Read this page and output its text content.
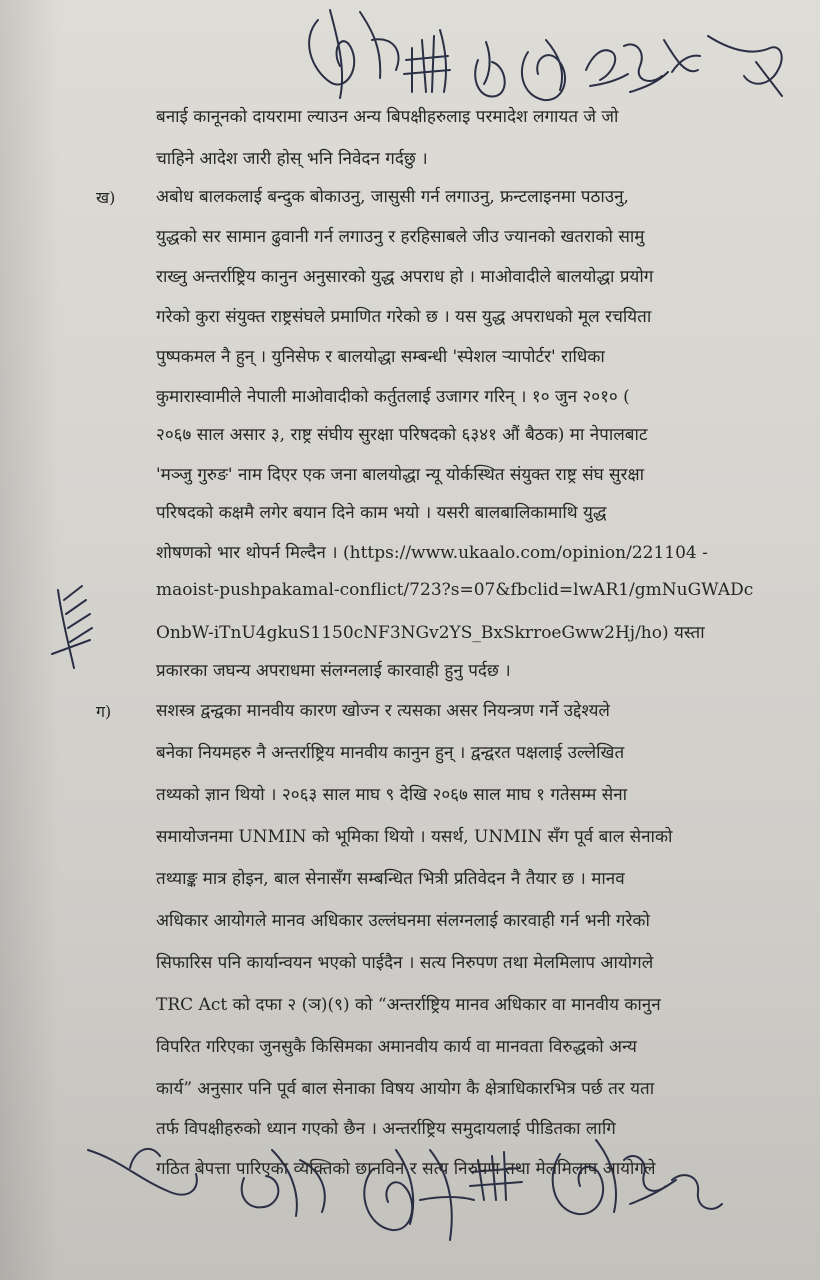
बनाई कानूनको दायरामा ल्याउन अन्य बिपक्षीहरुलाइ परमादेश लगायत जे जो
चाहिने आदेश जारी होस् भनि निवेदन गर्दछु ।
ख) अबोध बालकलाई बन्दुक बोकाउनु, जासुसी गर्न लगाउनु, फ्रन्टलाइनमा पठाउनु,
युद्धको सर सामान ढुवानी गर्न लगाउनु र हरहिसाबले जीउ ज्यानको खतराको सामु
राख्नु अन्तर्राष्ट्रिय कानुन अनुसारको युद्ध अपराध हो । माओवादीले बालयोद्धा प्रयोग
गरेको कुरा संयुक्त राष्ट्रसंघले प्रमाणित गरेको छ । यस युद्ध अपराधको मूल रचयिता
पुष्पकमल नै हुन् । युनिसेफ र बालयोद्धा सम्बन्धी 'स्पेशल ऱ्यापोर्टर' राधिका
कुमारास्वामीले नेपाली माओवादीको कर्तुतलाई उजागर गरिन् । १० जुन २०१० (
२०६७ साल असार ३, राष्ट्र संघीय सुरक्षा परिषदको ६३४१ औं बैठक) मा नेपालबाट
'मञ्जु गुरुङ' नाम दिएर एक जना बालयोद्धा न्यू योर्कस्थित संयुक्त राष्ट्र संघ सुरक्षा
परिषदको कक्षमै लगेर बयान दिने काम भयो । यसरी बालबालिकामाथि युद्ध
शोषणको भार थोपर्न मिल्दैन । (https://www.ukaalo.com/opinion/221104 -
maoist-pushpakamal-conflict/723?s=07&fbclid=lwAR1/gmNuGWADc
OnbW-iTnU4gkuS1150cNF3NGv2YS_BxSkrroeGww2Hj/ho) यस्ता
प्रकारका जघन्य अपराधमा संलग्नलाई कारवाही हुनु पर्दछ ।
ग)	सशस्त्र द्वन्द्वका मानवीय कारण खोज्न र त्यसका असर नियन्त्रण गर्ने उद्देश्यले
बनेका नियमहरु नै अन्तर्राष्ट्रिय मानवीय कानुन हुन् । द्वन्द्वरत पक्षलाई उल्लेखित
तथ्यको ज्ञान थियो । २०६३ साल माघ ९ देखि २०६७ साल माघ १ गतेसम्म सेना
समायोजनमा UNMIN को भूमिका थियो । यसर्थ, UNMIN सँग पूर्व बाल सेनाको
तथ्याङ्क मात्र होइन, बाल सेनासँग सम्बन्धित भित्री प्रतिवेदन नै तैयार छ । मानव
अधिकार आयोगले मानव अधिकार उल्लंघनमा संलग्नलाई कारवाही गर्न भनी गरेको
सिफारिस पनि कार्यान्वयन भएको पाईदैन । सत्य निरुपण तथा मेलमिलाप आयोगले
TRC Act को दफा २ (ञ)(९) को “अन्तर्राष्ट्रिय मानव अधिकार वा मानवीय कानुन
विपरित गरिएका जुनसुकै किसिमका अमानवीय कार्य वा मानवता विरुद्धको अन्य
कार्य” अनुसार पनि पूर्व बाल सेनाका विषय आयोग कै क्षेत्राधिकारभित्र पर्छ तर यता
तर्फ विपक्षीहरुको ध्यान गएको छैन । अन्तर्राष्ट्रिय समुदायलाई पीडितका लागि
गठित बेपत्ता पारिएका व्यक्तिको छानविन र सत्य निरुपण तथा मेलमिलाप आयोगले
